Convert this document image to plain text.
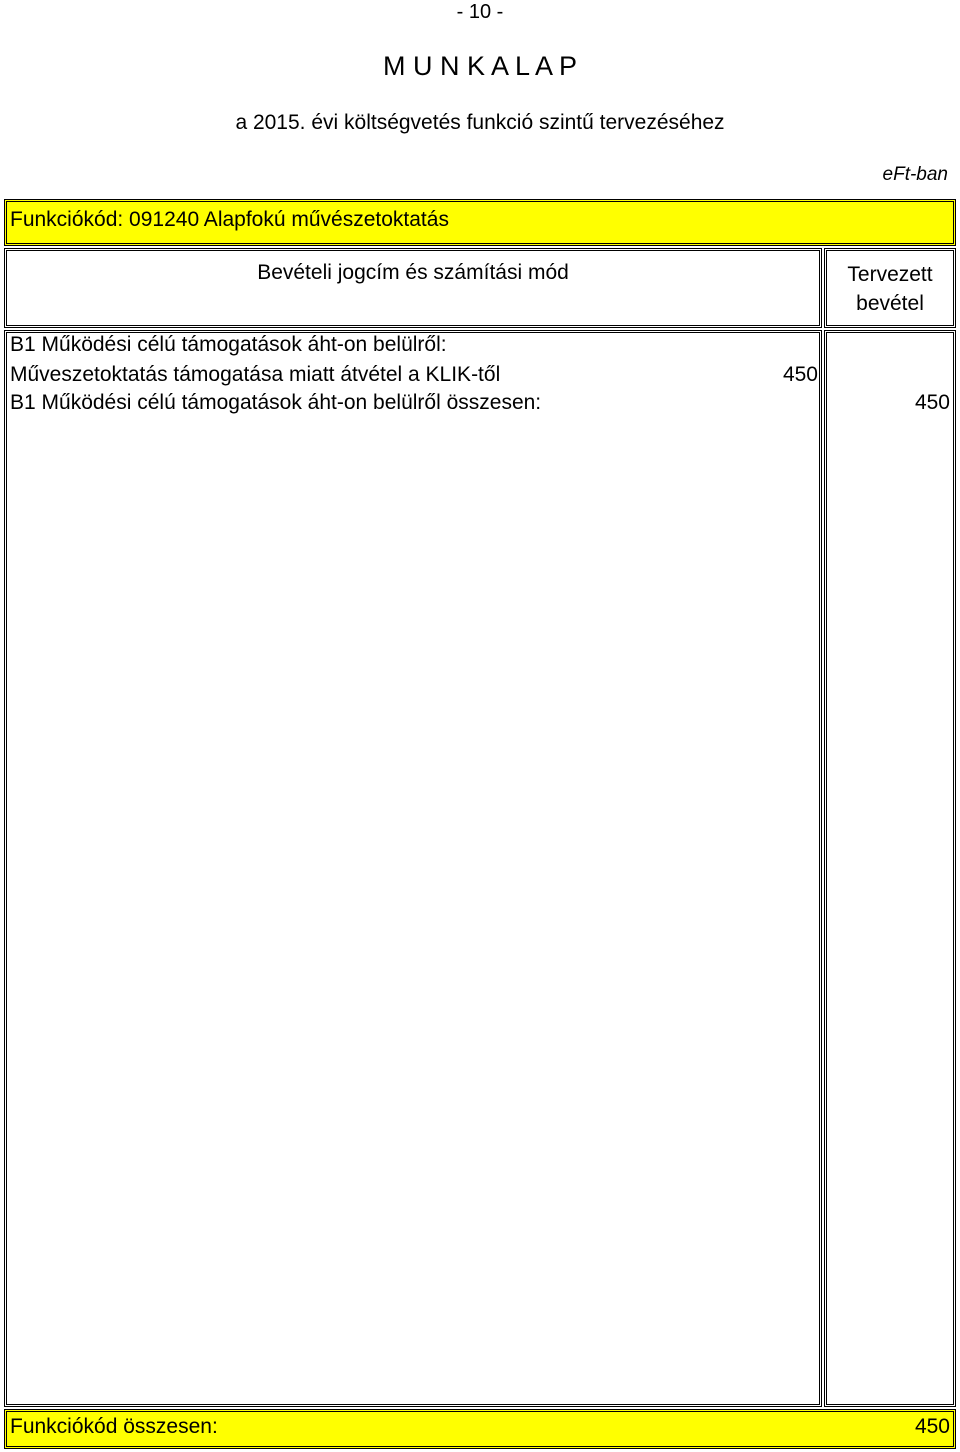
- 10 -
M U N K A L A P
a 2015. évi költségvetés funkció szintű tervezéséhez
eFt-ban
Funkciókód: 091240 Alapfokú művészetoktatás
Bevételi jogcím és számítási mód	Tervezett
bevétel
B1 Működési célú támogatások áht-on belülről:
Műveszetoktatás támogatása miatt átvétel a KLIK-től	450
B1 Működési célú támogatások áht-on belülről összesen:	450
Funkciókód összesen:	450
